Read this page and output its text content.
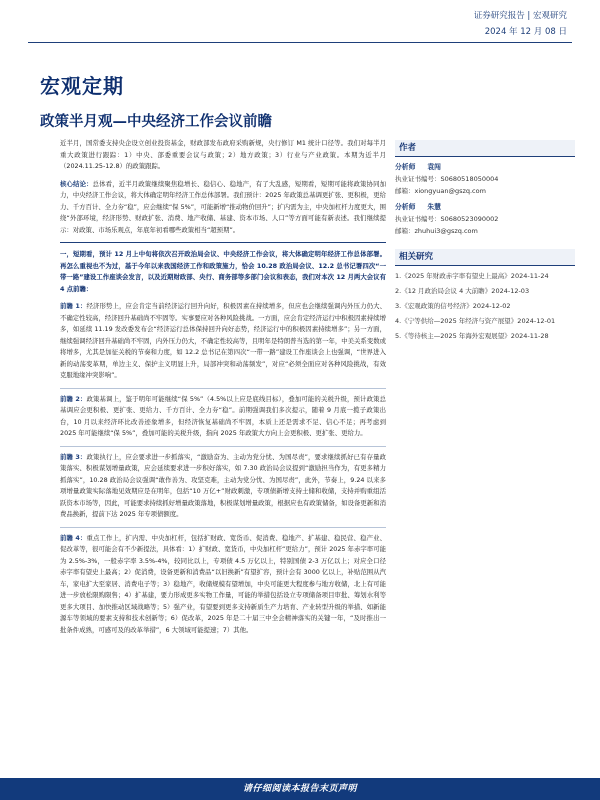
证券研究报告 | 宏观研究
2024 年 12 月 08 日
宏观定期
政策半月观—中央经济工作会议前瞻
近半月，国常委支持央企设立创业投资基金，财政部发布政府采购新规，央行修订 M1 统计口径等。我们对每半月重大政策进行跟踪：1）中央、部委重要会议与政策；2）地方政策；3）行业与产业政策。本期为近半月（2024.11.25-12.8）的政策跟踪。
核心结论：总体看，近半月政策继续聚焦稳增长、稳信心、稳地产，有了大乱感，短期看，短期可能将政策协同加力，中央经济工作会议，将大体确定明年经济工作总体部署。我们预计：2025 年政策总基调更扩张、更积极，更给力、千方百计、全力夯“稳”，应会继续“保 5%”，可能新增“推动物价回升”；扩内需为主，中央加杠杆力度更大，围绕“外部环境，经济形势、财政扩张、消费、地产收储、基建、资本市场、人口”等方面可能有新表述。我们继续提示：对政策、市场乐观点，年底年初看哪些政策相当“超预期”。
一，短期看，预计 12 月上中旬将依次召开政治局会议、中央经济工作会议，将大体确定明年经济工作总体部署。再怎么重视也不为过，基于今年以来我国经济工作和政策施力，恰会 10.28 政治局会议、12.2 总书记署四次“一带一路”建设工作座谈会发言，以及近期财政部、央行、商务部等多部门会议和表态，我们对本次 12 月两大会议有 4 点前瞻：
前瞻 1：经济形势上，应会肯定当前经济运行回升向好，积极因素在持续增多，但应也会继续强调内外压力仍大、不确定性较高，经济回升基础尚不牢固等。实事要应对各种风险挑战。一方面，应会肯定经济运行中积极因素持续增多，如延续 11.19 发改委发布会“经济运行总体保持回升向好态势，经济运行中的积极因素持续增多”；另一方面，继续强调经济回升基础尚不牢固，内外压力仍大，不确定性较高等，且明年是特朗普当选的第一年，中美关系变数或将增多，尤其是加征关税的节奏和力度，如 12.2 总书记在第四次“一带一路”建设工作座谈会上也强调，“世界进入新的动荡变革期，单边主义、保护主义明显上升，局部冲突和动荡频发”，对应“必须全面应对各种风险挑战，有效克服地缘冲突影响”。
前瞻 2：政策基调上，鉴于明年可能继续“保 5%”（4.5%以上应是底线目标），叠加可能的关税升级，预计政策总基调应会更积极、更扩张、更给力、千方百计、全力夯“稳”。前期强调我们多次提示，随着 9 月底一揽子政策出台，10 月以来经济环比改善迹象增多，但经济恢复基础尚不牢固，本质上还是需求不足、信心不足；再考虑到 2025 年可能继续“保 5%”，叠加可能的关税升级，指向 2025 年政策大方向上会更积极、更扩张、更给力。
前瞻 3：政策执行上，应会要求进一步抓落实，“激励奋为、主动为党分忧、为国尽责”，要求继续抓好已有存量政策落实、积极谋划增量政策，应会延续要求进一步积好落实，如 7.30 政治局会议提到“激励担当作为，有更多精力抓落实”，10.28 政治局会议强调“敢作善为、攻坚克难，主动为党分忧、为国尽责”，此外，节奏上，9.24 以来多项增量政策实际落地见效期应是在明年，包括“10 万亿+”财政刺激，专项债新增支持土储和收储，支持并购重组活跃资本市场等，因此，可能要求持续抓好增量政策落地，积极谋划增量政策，根据应也有政策储备，如设备更新和消费品换新，提前下达 2025 年专项债额度。
前瞻 4：重点工作上，扩内需、中央加杠杆，包括扩财政、宽货币、促消费、稳地产、扩基建、稳民营、稳产业、促改革等，很可能会有不少新提法，具体看：1）扩财政、宽货币，中央加杠杆“更给力”，预计 2025 年赤字率可能为 2.5%-3%，一般赤字率 3.5%-4%，较同比以上，专项债 4.5 万亿以上，特别国债 2-3 万亿以上；对应全口径赤字率有望史上最高；2）促消费，设备更新和消费品“以旧换新”有望扩容，预计会有 3000 亿以上，补贴范围从汽车，家电扩大至家居、消费电子等；3）稳地产，收储规模有望增加，中央可能更大程度参与地方收储，北上有可能进一步放松限购限售；4）扩基建，要力形成更多实物工作量，可能的举措包括设立专项储备项目审批、筹划水利等更多大项目、加快推动区域战略等；5）强产业，有望要到更多支持新质生产力培育、产业转型升级的举措、如新能源车等领域的要素支持和技术创新等；6）促改革，2025 年是二十届三中全会精神落实的关键一年，“及时推出一批条件成熟，可感可及的改革举措”，6 大领域可能提速；7）其他。
作者
分析师 袁闯
执业证书编号：S0680518050004
邮箱：xiongyuan@gszq.com
分析师 朱慧
执业证书编号：S0680523090002
邮箱：zhuhui3@gszq.com
相关研究
1.《2025 年财政赤字率有望史上最高》2024-11-24
2.《12 月政治局会议 4 大前瞻》2024-12-03
3.《宏观政策的信号经济》2024-12-02
4.《宁等供给—2025 年经济与资产展望》2024-12-01
5.《等待核主—2025 年海外宏观展望》2024-11-28
请仔细阅读本报告末页声明
